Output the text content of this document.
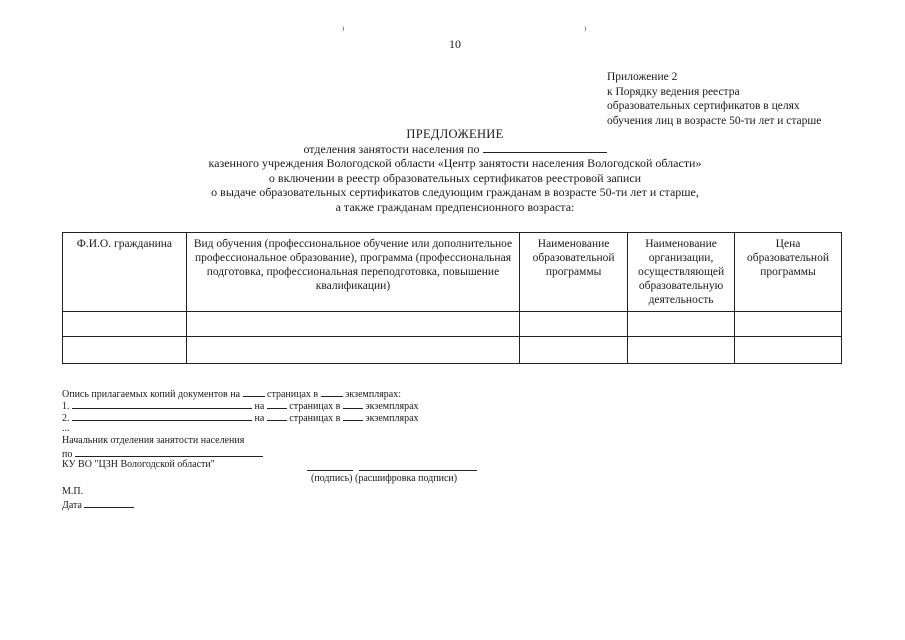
⁾	⁾
10
Приложение 2
к Порядку ведения реестра
образовательных сертификатов в целях
обучения лиц в возрасте 50-ти лет и старше
ПРЕДЛОЖЕНИЕ
отделения занятости населения по
казенного учреждения Вологодской области «Центр занятости населения Вологодской области»
о включении в реестр образовательных сертификатов реестровой записи
о выдаче образовательных сертификатов следующим гражданам в возрасте 50-ти лет и старше,
а также гражданам предпенсионного возраста:
Ф.И.О. гражданина	Вид обучения (профессиональное обучение или дополнительное профессиональное образование), программа (профессиональная подготовка, профессиональная переподготовка, повышение квалификации)	Наименование образовательной программы	Наименование организации, осуществляющей образовательную деятельность	Цена образовательной программы

Опись прилагаемых копий документов на	страницах в	экземплярах:
1.	на	страницах в	экземплярах
2.	на	страницах в	экземплярах
...
Начальник отделения занятости населения
по
КУ ВО "ЦЗН Вологодской области"
(подпись) (расшифровка подписи)
М.П.
Дата
